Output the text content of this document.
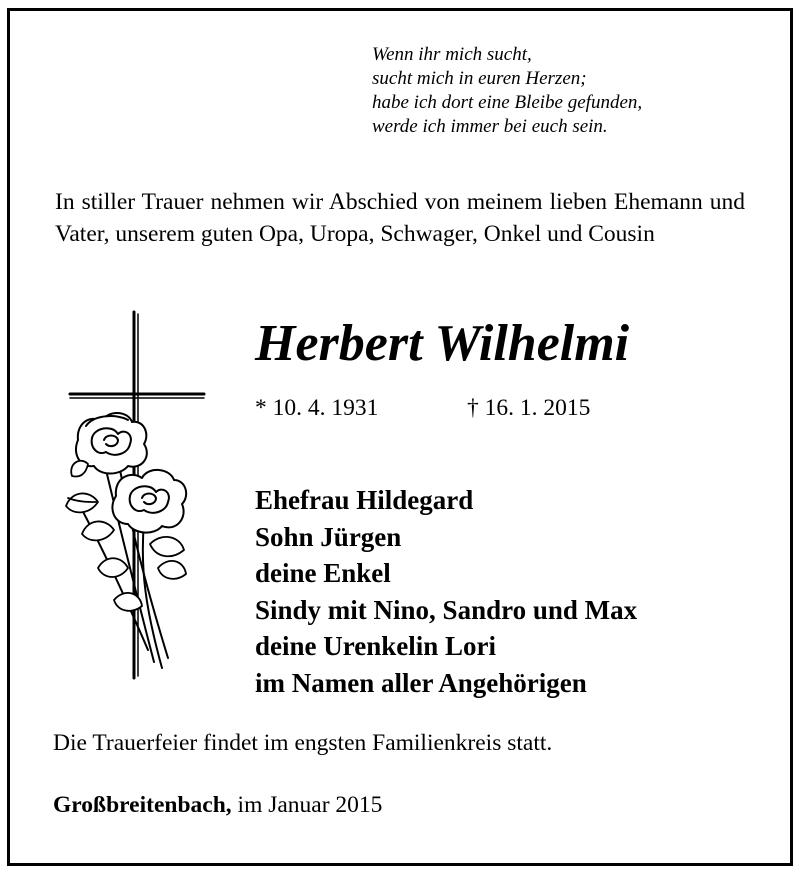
Wenn ihr mich sucht,
sucht mich in euren Herzen;
habe ich dort eine Bleibe gefunden,
werde ich immer bei euch sein.

In stiller Trauer nehmen wir Abschied von meinem lieben Ehemann und Vater, unserem guten Opa, Uropa, Schwager, Onkel und Cousin

Herbert Wilhelmi
* 10. 4. 1931	† 16. 1. 2015
Ehefrau Hildegard
Sohn Jürgen
deine Enkel
Sindy mit Nino, Sandro und Max
deine Urenkelin Lori
im Namen aller Angehörigen
Die Trauerfeier findet im engsten Familienkreis statt.
Großbreitenbach, im Januar 2015
